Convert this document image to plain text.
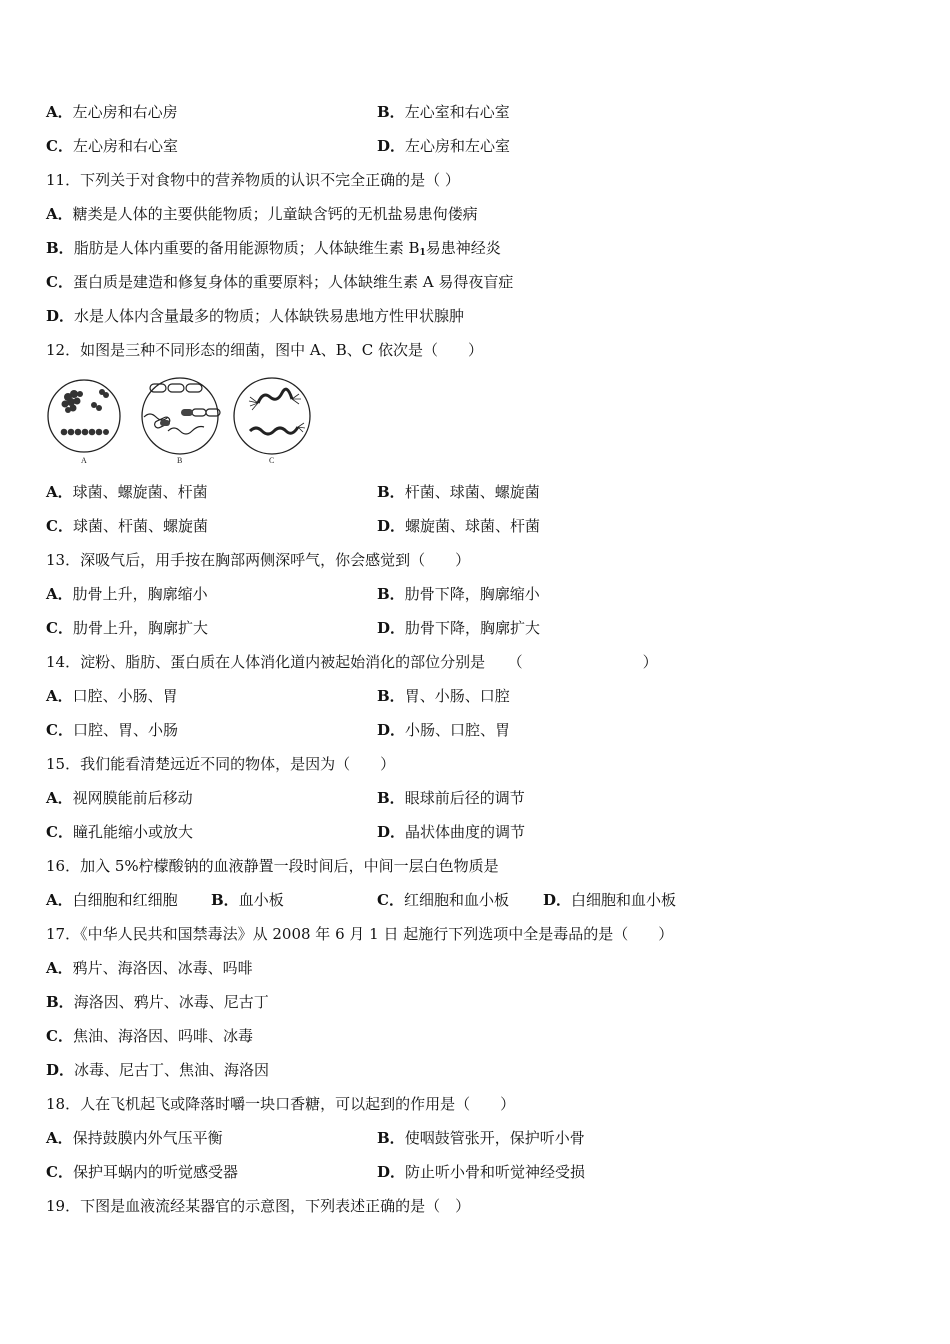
A．左心房和右心房	B．左心室和右心室
C．左心房和右心室	D．左心房和左心室
11．下列关于对食物中的营养物质的认识不完全正确的是（ ）
A．糖类是人体的主要供能物质；儿童缺含钙的无机盐易患佝偻病
B．脂肪是人体内重要的备用能源物质；人体缺维生素 $B_1$易患神经炎
C．蛋白质是建造和修复身体的重要原料；人体缺维生素 A 易得夜盲症
D．水是人体内含量最多的物质；人体缺铁易患地方性甲状腺肿
12．如图是三种不同形态的细菌，图中 A、B、C 依次是（　　）
A	B	C
A．球菌、螺旋菌、杆菌	B．杆菌、球菌、螺旋菌
C．球菌、杆菌、螺旋菌	D．螺旋菌、球菌、杆菌
13．深吸气后，用手按在胸部两侧深呼气，你会感觉到（　　）
A．肋骨上升，胸廓缩小	B．肋骨下降，胸廓缩小
C．肋骨上升，胸廓扩大	D．肋骨下降，胸廓扩大
14．淀粉、脂肪、蛋白质在人体消化道内被起始消化的部位分别是　　（　　　　　　　　）
A．口腔、小肠、胃	B．胃、小肠、口腔
C．口腔、胃、小肠	D．小肠、口腔、胃
15．我们能看清楚远近不同的物体，是因为（　　）
A．视网膜能前后移动	B．眼球前后径的调节
C．瞳孔能缩小或放大	D．晶状体曲度的调节
16．加入 5%柠檬酸钠的血液静置一段时间后，中间一层白色物质是
A．白细胞和红细胞 B．血小板	C．红细胞和血小板 D．白细胞和血小板
17．《中华人民共和国禁毒法》从 2008 年 6 月 1 日 起施行下列选项中全是毒品的是（　　）
A．鸦片、海洛因、冰毒、吗啡
B．海洛因、鸦片、冰毒、尼古丁
C．焦油、海洛因、吗啡、冰毒
D．冰毒、尼古丁、焦油、海洛因
18．人在飞机起飞或降落时嚼一块口香糖，可以起到的作用是（　　）
A．保持鼓膜内外气压平衡	B．使咽鼓管张开，保护听小骨
C．保护耳蜗内的听觉感受器	D．防止听小骨和听觉神经受损
19．下图是血液流经某器官的示意图，下列表述正确的是（　）
